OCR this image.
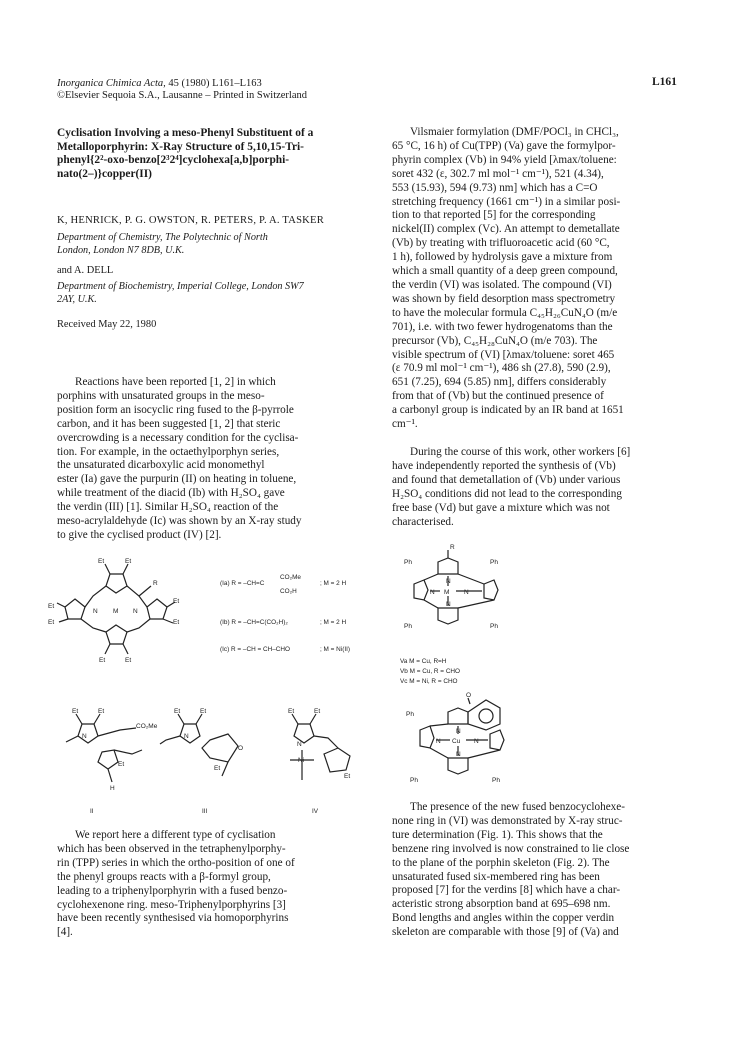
Inorganica Chimica Acta, 45 (1980) L161–L163
©Elsevier Sequoia S.A., Lausanne – Printed in Switzerland
L161
Cyclisation Involving a meso-Phenyl Substituent of a
Metalloporphyrin: X-Ray Structure of 5,10,15-Tri-
phenyl{2²-oxo-benzo[2³2⁴]cyclohexa[a,b]porphi-
nato(2–)}copper(II)
K, HENRICK, P. G. OWSTON, R. PETERS, P. A. TASKER
Department of Chemistry, The Polytechnic of North
London, London N7 8DB, U.K.
and A. DELL
Department of Biochemistry, Imperial College, London SW7
2AY, U.K.
Received May 22, 1980

Reactions have been reported [1, 2] in which

porphins with unsaturated groups in the meso-

position form an isocyclic ring fused to the β-pyrrole

carbon, and it has been suggested [1, 2] that steric

overcrowding is a necessary condition for the cyclisa-

tion. For example, in the octaethylporphyn series,

the unsaturated dicarboxylic acid monomethyl

ester (Ia) gave the purpurin (II) on heating in toluene,

while treatment of the diacid (Ib) with H₂SO₄ gave

the verdin (III) [1]. Similar H₂SO₄ reaction of the

meso-acrylaldehyde (Ic) was shown by an X-ray study

to give the cyclised product (IV) [2].

Et	Et
R
Et
Et
Et
Et
Et	Et
N	N
M
(Ia) R = –CH=C
CO₂Me
CO₂H
; M = 2 H
(Ib) R = –CH=C(CO₂H)₂	; M = 2 H
(Ic) R = –CH = CH–CHO	; M = Ni(II)
CO₂Me
N
Et
H
Et	Et
O
Et	Et
N
Et
Et	Et
N
Ni
Et
II	III	IV

We report here a different type of cyclisation

which has been observed in the tetraphenylporphy-

rin (TPP) series in which the ortho-position of one of

the phenyl groups reacts with a β-formyl group,

leading to a triphenylporphyrin with a fused benzo-

cyclohexenone ring. meso-Triphenylporphyrins [3]

have been recently synthesised via homoporphyrins

[4].

Vilsmaier formylation (DMF/POCl₃ in CHCl₃,

65 °C, 16 h) of Cu(TPP) (Va) gave the formylpor-

phyrin complex (Vb) in 94% yield [λmax/toluene:

soret 432 (ε, 302.7 ml mol⁻¹ cm⁻¹), 521 (4.34),

553 (15.93), 594 (9.73) nm] which has a C=O

stretching frequency (1661 cm⁻¹) in a similar posi-

tion to that reported [5] for the corresponding

nickel(II) complex (Vc). An attempt to demetallate

(Vb) by treating with trifluoroacetic acid (60 °C,

1 h), followed by hydrolysis gave a mixture from

which a small quantity of a deep green compound,

the verdin (VI) was isolated. The compound (VI)

was shown by field desorption mass spectrometry

to have the molecular formula C₄₅H₂₆CuN₄O (m/e

701), i.e. with two fewer hydrogenatoms than the

precursor (Vb), C₄₅H₂₈CuN₄O (m/e 703). The

visible spectrum of (VI) [λmax/toluene: soret 465

(ε 70.9 ml mol⁻¹ cm⁻¹), 486 sh (27.8), 590 (2.9),

651 (7.25), 694 (5.85) nm], differs considerably

from that of (Vb) but the continued presence of

a carbonyl group is indicated by an IR band at 1651

cm⁻¹.

During the course of this work, other workers [6]

have independently reported the synthesis of (Vb)

and found that demetallation of (Vb) under various

H₂SO₄ conditions did not lead to the corresponding

free base (Vd) but gave a mixture which was not

characterised.

R
Ph	Ph
Ph	Ph
N
N M N
N
Va M = Cu, R=H
Vb M = Cu, R = CHO
Vc M = Ni, R = CHO
O
Ph
Ph	Ph
N
N Cu N
N

The presence of the new fused benzocyclohexe-

none ring in (VI) was demonstrated by X-ray struc-

ture determination (Fig. 1). This shows that the

benzene ring involved is now constrained to lie close

to the plane of the porphin skeleton (Fig. 2). The

unsaturated fused six-membered ring has been

proposed [7] for the verdins [8] which have a char-

acteristic strong absorption band at 695–698 nm.

Bond lengths and angles within the copper verdin

skeleton are comparable with those [9] of (Va) and
